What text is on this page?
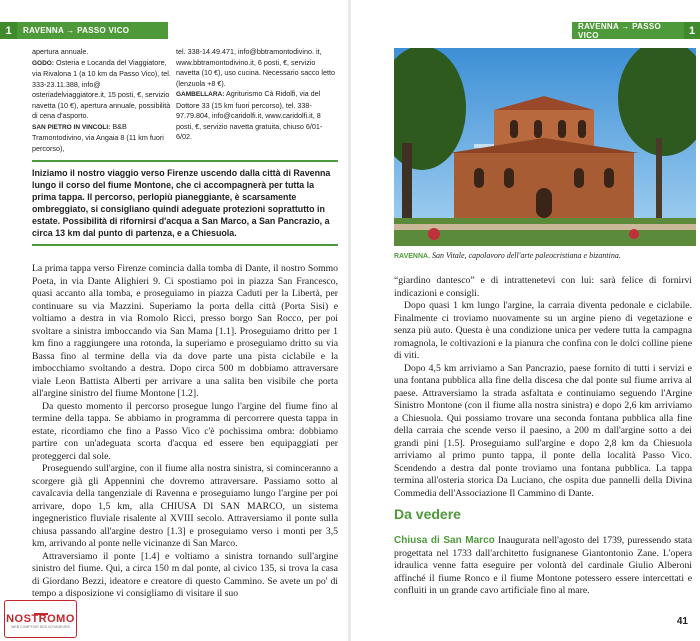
1	RAVENNA → PASSO VICO

apertura annuale.

GODO: Osteria e Locanda del Viaggiatore, via Rivalona 1 (a 10 km da Passo Vico), tel. 333-23.11.388, info@ osteriadelviaggiatore.it, 15 posti, €, servizio navetta (10 €), apertura annuale, possibilità di cena d'asporto.

SAN PIETRO IN VINCOLI: B&B Tramontodivino, via Angaia 8 (11 km fuori percorso),

tel. 338-14.49.471, info@bbtramontodivino. it, www.bbtramontodivino.it, 6 posti, €, servizio navetta (10 €), uso cucina. Necessario sacco letto (lenzuola +8 €).

GAMBELLARA: Agriturismo Cà Ridolfi, via del Dottore 33 (15 km fuori percorso), tel. 338-97.79.804, info@caridolfi.it, www.caridolfi.it, 8 posti, €, servizio navetta gratuita, chiuso 6/01-6/02.

Iniziamo il nostro viaggio verso Firenze uscendo dalla città di Ravenna lungo il corso del fiume Montone, che ci accompagnerà per tutta la prima tappa. Il percorso, perlopiù pianeggiante, è scarsamente ombreggiato, si consigliano quindi adeguate protezioni soprattutto in estate. Possibilità di rifornirsi d'acqua a San Marco, a San Pancrazio, a circa 13 km dal punto di partenza, e a Chiesuola.

La prima tappa verso Firenze comincia dalla tomba di Dante, il nostro Sommo Poeta, in via Dante Alighieri 9. Ci spostiamo poi in piazza San Francesco, quasi accanto alla tomba, e proseguiamo in piazza Caduti per la Libertà, per continuare su via Mazzini. Superiamo la porta della città (Porta Sisi) e voltiamo a destra in via Romolo Ricci, presso borgo San Rocco, per poi svoltare a sinistra imboccando via San Mama [1.1]. Proseguiamo dritto per 1 km fino a raggiungere una rotonda, la superiamo e proseguiamo dritto su via Bassa fino al termine della via da dove parte una pista ciclabile e la imbocchiamo svoltando a destra. Dopo circa 500 m dobbiamo attraversare viale Leon Battista Alberti per arrivare a una salita ben visibile che porta all'argine sinistro del fiume Montone [1.2].

Da questo momento il percorso prosegue lungo l'argine del fiume fino al termine della tappa. Se abbiamo in programma di percorrere questa tappa in estate, ricordiamo che fino a Passo Vico c'è pochissima ombra: dobbiamo partire con un'adeguata scorta d'acqua ed essere ben equipaggiati per proteggerci dal sole.

Proseguendo sull'argine, con il fiume alla nostra sinistra, si cominceranno a scorgere già gli Appennini che dovremo attraversare. Passiamo sotto al cavalcavia della tangenziale di Ravenna e proseguiamo lungo l'argine per poi arrivare, dopo 1,5 km, alla CHIUSA DI SAN MARCO, un sistema ingegneristico fluviale risalente al XVIII secolo. Attraversiamo il ponte sulla chiusa passando all'argine destro [1.3] e proseguiamo verso i monti per 3,5 km, arrivando al ponte nelle vicinanze di San Marco.

Attraversiamo il ponte [1.4] e voltiamo a sinistra tornando sull'argine sinistro del fiume. Qui, a circa 150 m dal ponte, al civico 135, si trova la casa di Giordano Bezzi, ideatore e creatore di questo Cammino. Se avete un po' di tempo a disposizione vi consigliamo di visitare il suo

NOSTROMO
WEB COMPTOIR DES VOYAGEURS
1
RAVENNA → PASSO VICO
RAVENNA. San Vitale, capolavoro dell'arte paleocristiana e bizantina.

“giardino dantesco” e di intrattenetevi con lui: sarà felice di fornirvi indicazioni e consigli.

Dopo quasi 1 km lungo l'argine, la carraia diventa pedonale e ciclabile. Finalmente ci troviamo nuovamente su un argine pieno di vegetazione e senza più auto. Questa è una condizione unica per vedere tutta la campagna romagnola, le coltivazioni e la pianura che confina con le dolci colline piene di viti.

Dopo 4,5 km arriviamo a San Pancrazio, paese fornito di tutti i servizi e una fontana pubblica alla fine della discesa che dal ponte sul fiume arriva al paese. Attraversiamo la strada asfaltata e continuiamo seguendo l'Argine Sinistro Montone (con il fiume alla nostra sinistra) e dopo 2,6 km arriviamo a Chiesuola. Qui possiamo trovare una seconda fontana pubblica alla fine della carraia che scende verso il paesino, a 200 m dall'argine sotto a dei grandi pini [1.5]. Proseguiamo sull'argine e dopo 2,8 km da Chiesuola arriviamo al primo punto tappa, il ponte della località Passo Vico. Scendendo a destra dal ponte troviamo una fontana pubblica. La tappa termina all'osteria storica Da Luciano, che ospita due pannelli della Divina Commedia dell'Associazione Il Cammino di Dante.

Da vedere

Chiusa di San Marco Inaugurata nell'agosto del 1739, puressendo stata progettata nel 1733 dall'architetto fusignanese Giantontonio Zane. L'opera idraulica venne fatta eseguire per volontà del cardinale Giulio Alberoni affinché il fiume Ronco e il fiume Montone potessero essere intercettati e confluiti in un grande cavo artificiale fino al mare.

41
